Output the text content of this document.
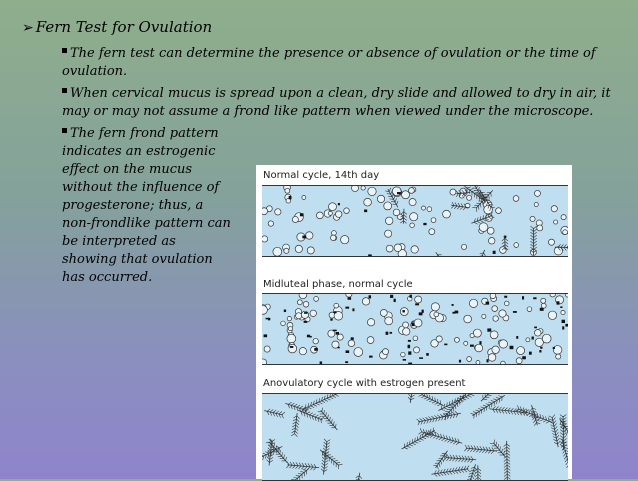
➢ Fern Test for Ovulation
The fern test can determine the presence or absence of ovulation or the time of ovulation.
When cervical mucus is spread upon a clean, dry slide and allowed to dry in air, it may or may not assume a frond like pattern when viewed under the microscope.
The fern frond pattern indicates an estrogenic effect on the mucus without the influence of progesterone; thus, a non-frondlike pattern can be interpreted as showing that ovulation has occurred.
Normal cycle, 14th day
Midluteal phase, normal cycle
Anovulatory cycle with estrogen present
